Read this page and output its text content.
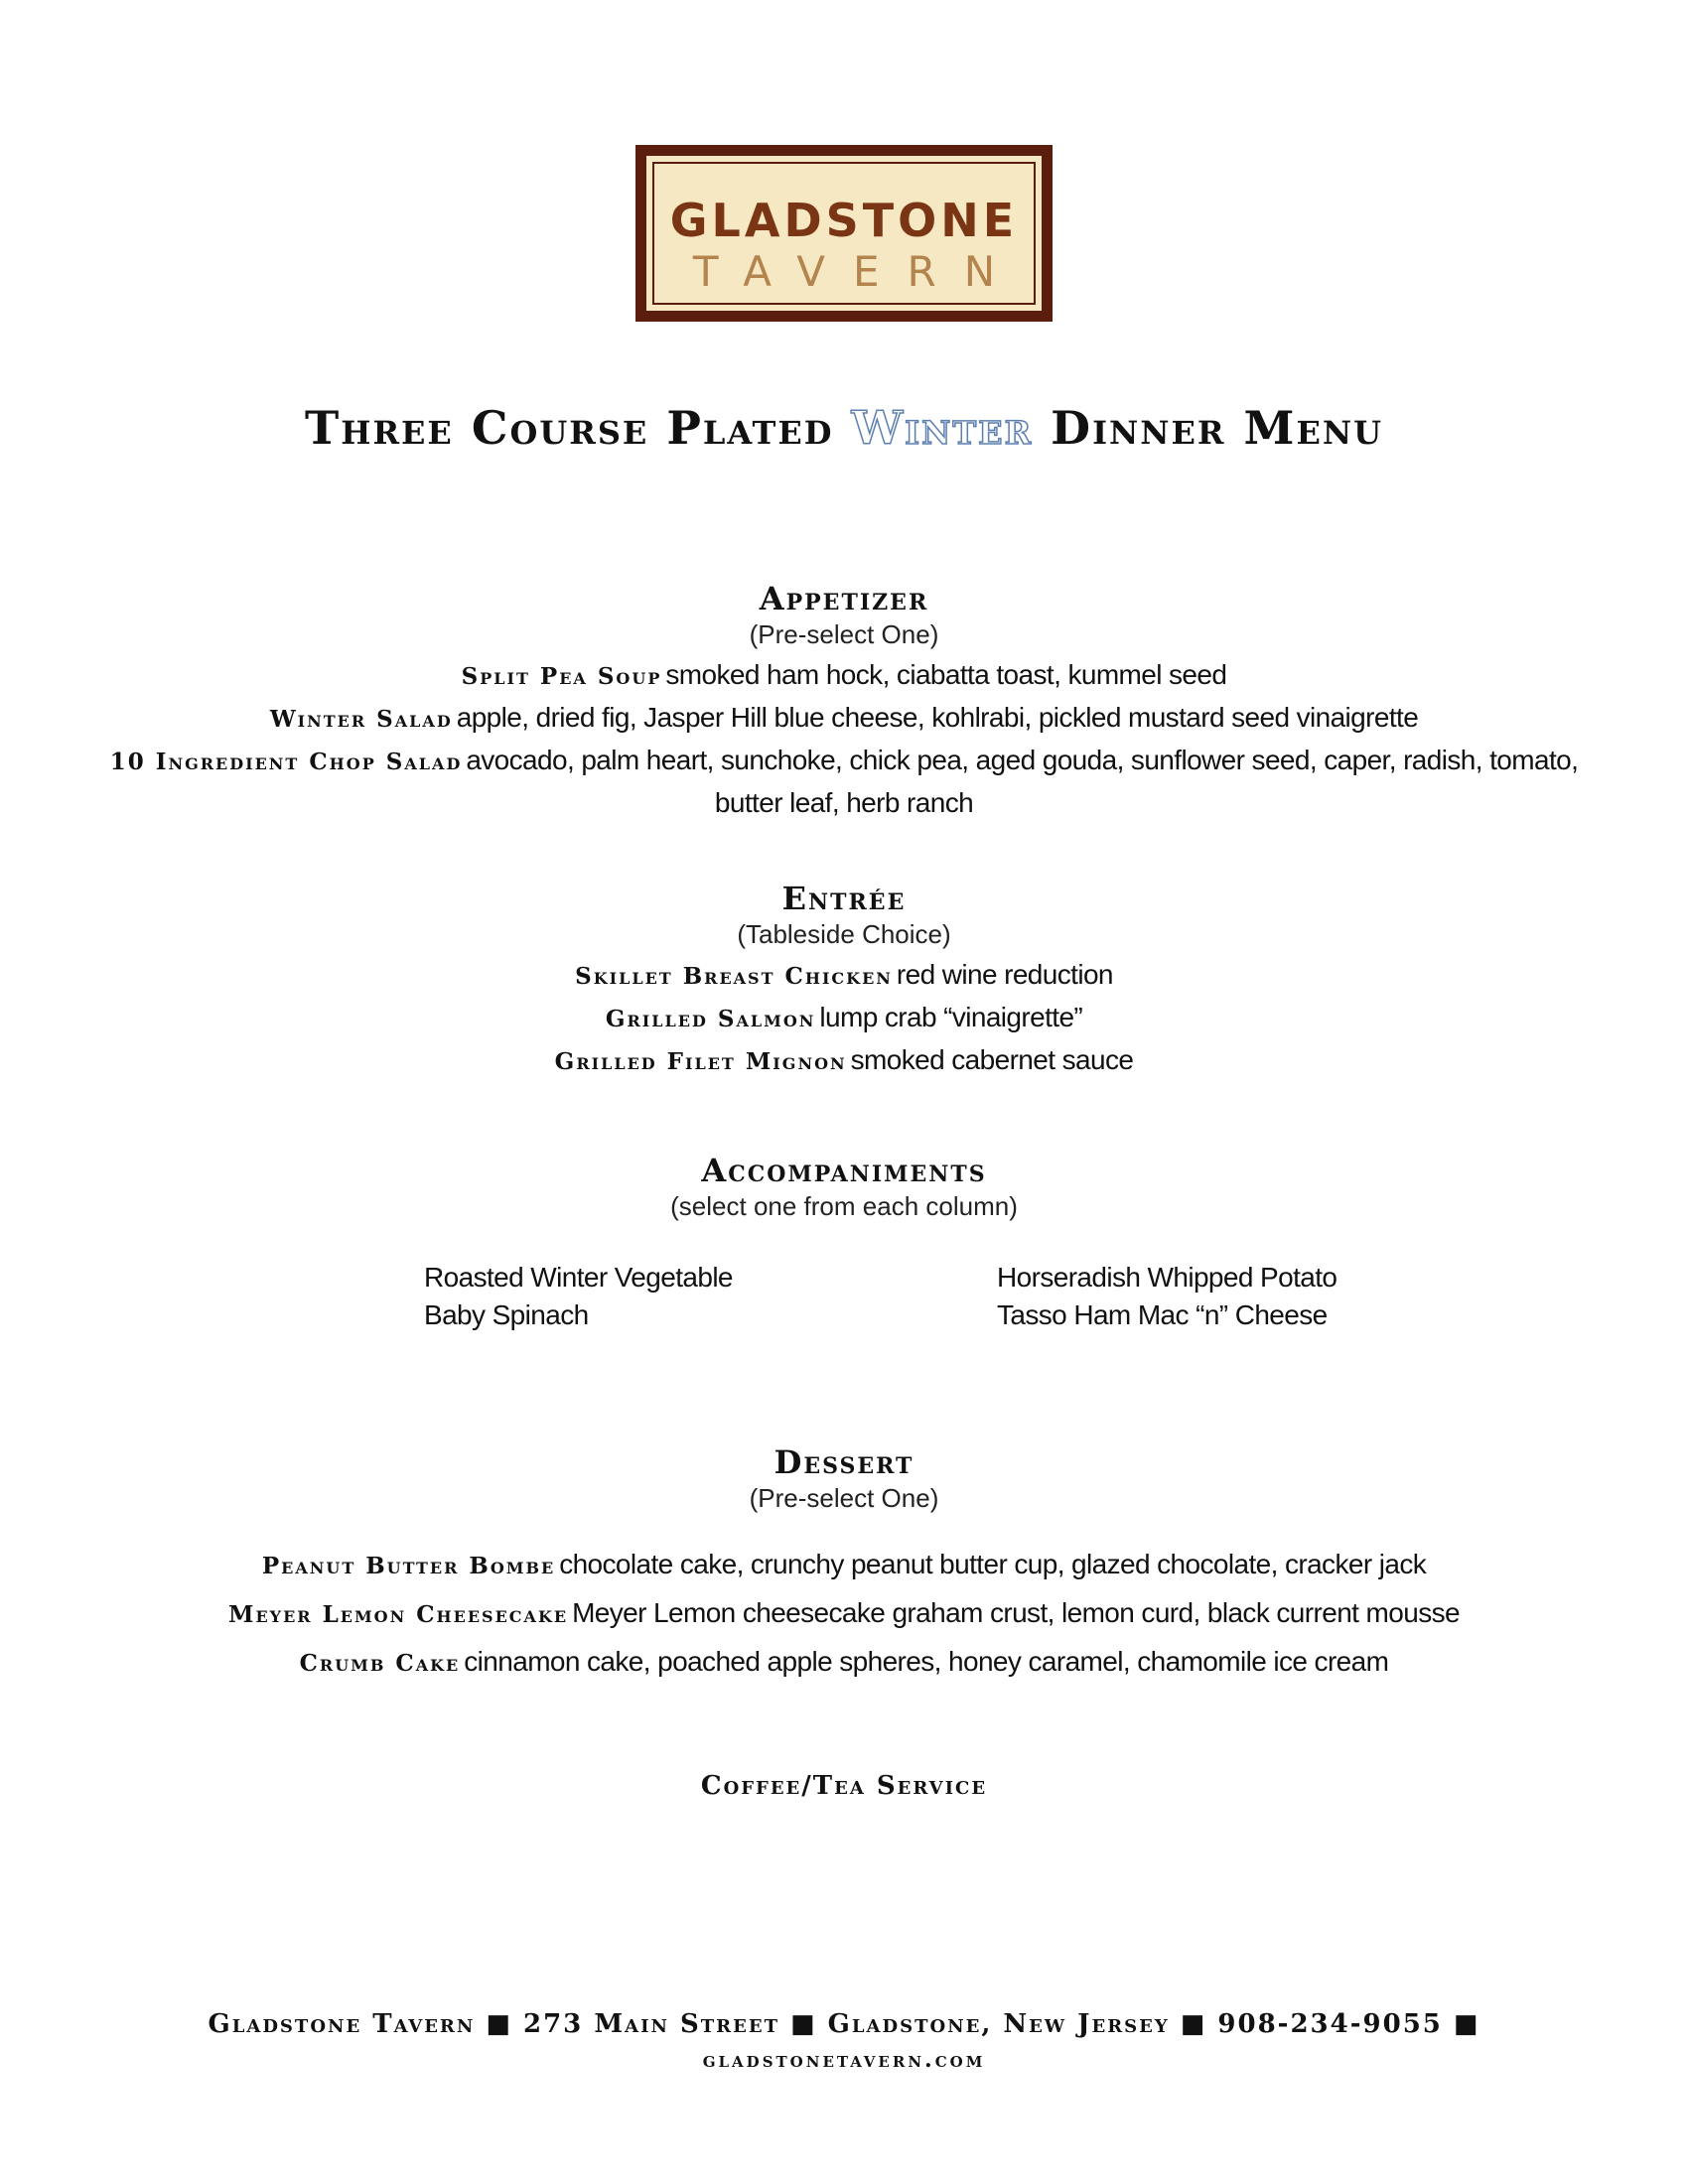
GLADSTONE
TAVERN
Three Course Plated Winter Dinner Menu
Appetizer
(Pre-select One)
Split Pea Soup smoked ham hock, ciabatta toast, kummel seed
Winter Salad apple, dried fig, Jasper Hill blue cheese, kohlrabi, pickled mustard seed vinaigrette
10 Ingredient Chop Salad avocado, palm heart, sunchoke, chick pea, aged gouda, sunflower seed, caper, radish, tomato,
butter leaf, herb ranch
Entrée
(Tableside Choice)
Skillet Breast Chicken red wine reduction
Grilled Salmon lump crab “vinaigrette”
Grilled Filet Mignon smoked cabernet sauce
Accompaniments
(select one from each column)
Roasted Winter Vegetable
Baby Spinach
Horseradish Whipped Potato
Tasso Ham Mac “n” Cheese
Dessert
(Pre-select One)
Peanut Butter Bombe chocolate cake, crunchy peanut butter cup, glazed chocolate, cracker jack
Meyer Lemon Cheesecake Meyer Lemon cheesecake graham crust, lemon curd, black current mousse
Crumb Cake cinnamon cake, poached apple spheres, honey caramel, chamomile ice cream
Coffee/Tea Service
Gladstone Tavern ■ 273 Main Street ■ Gladstone, New Jersey ■ 908-234-9055 ■
gladstonetavern.com
